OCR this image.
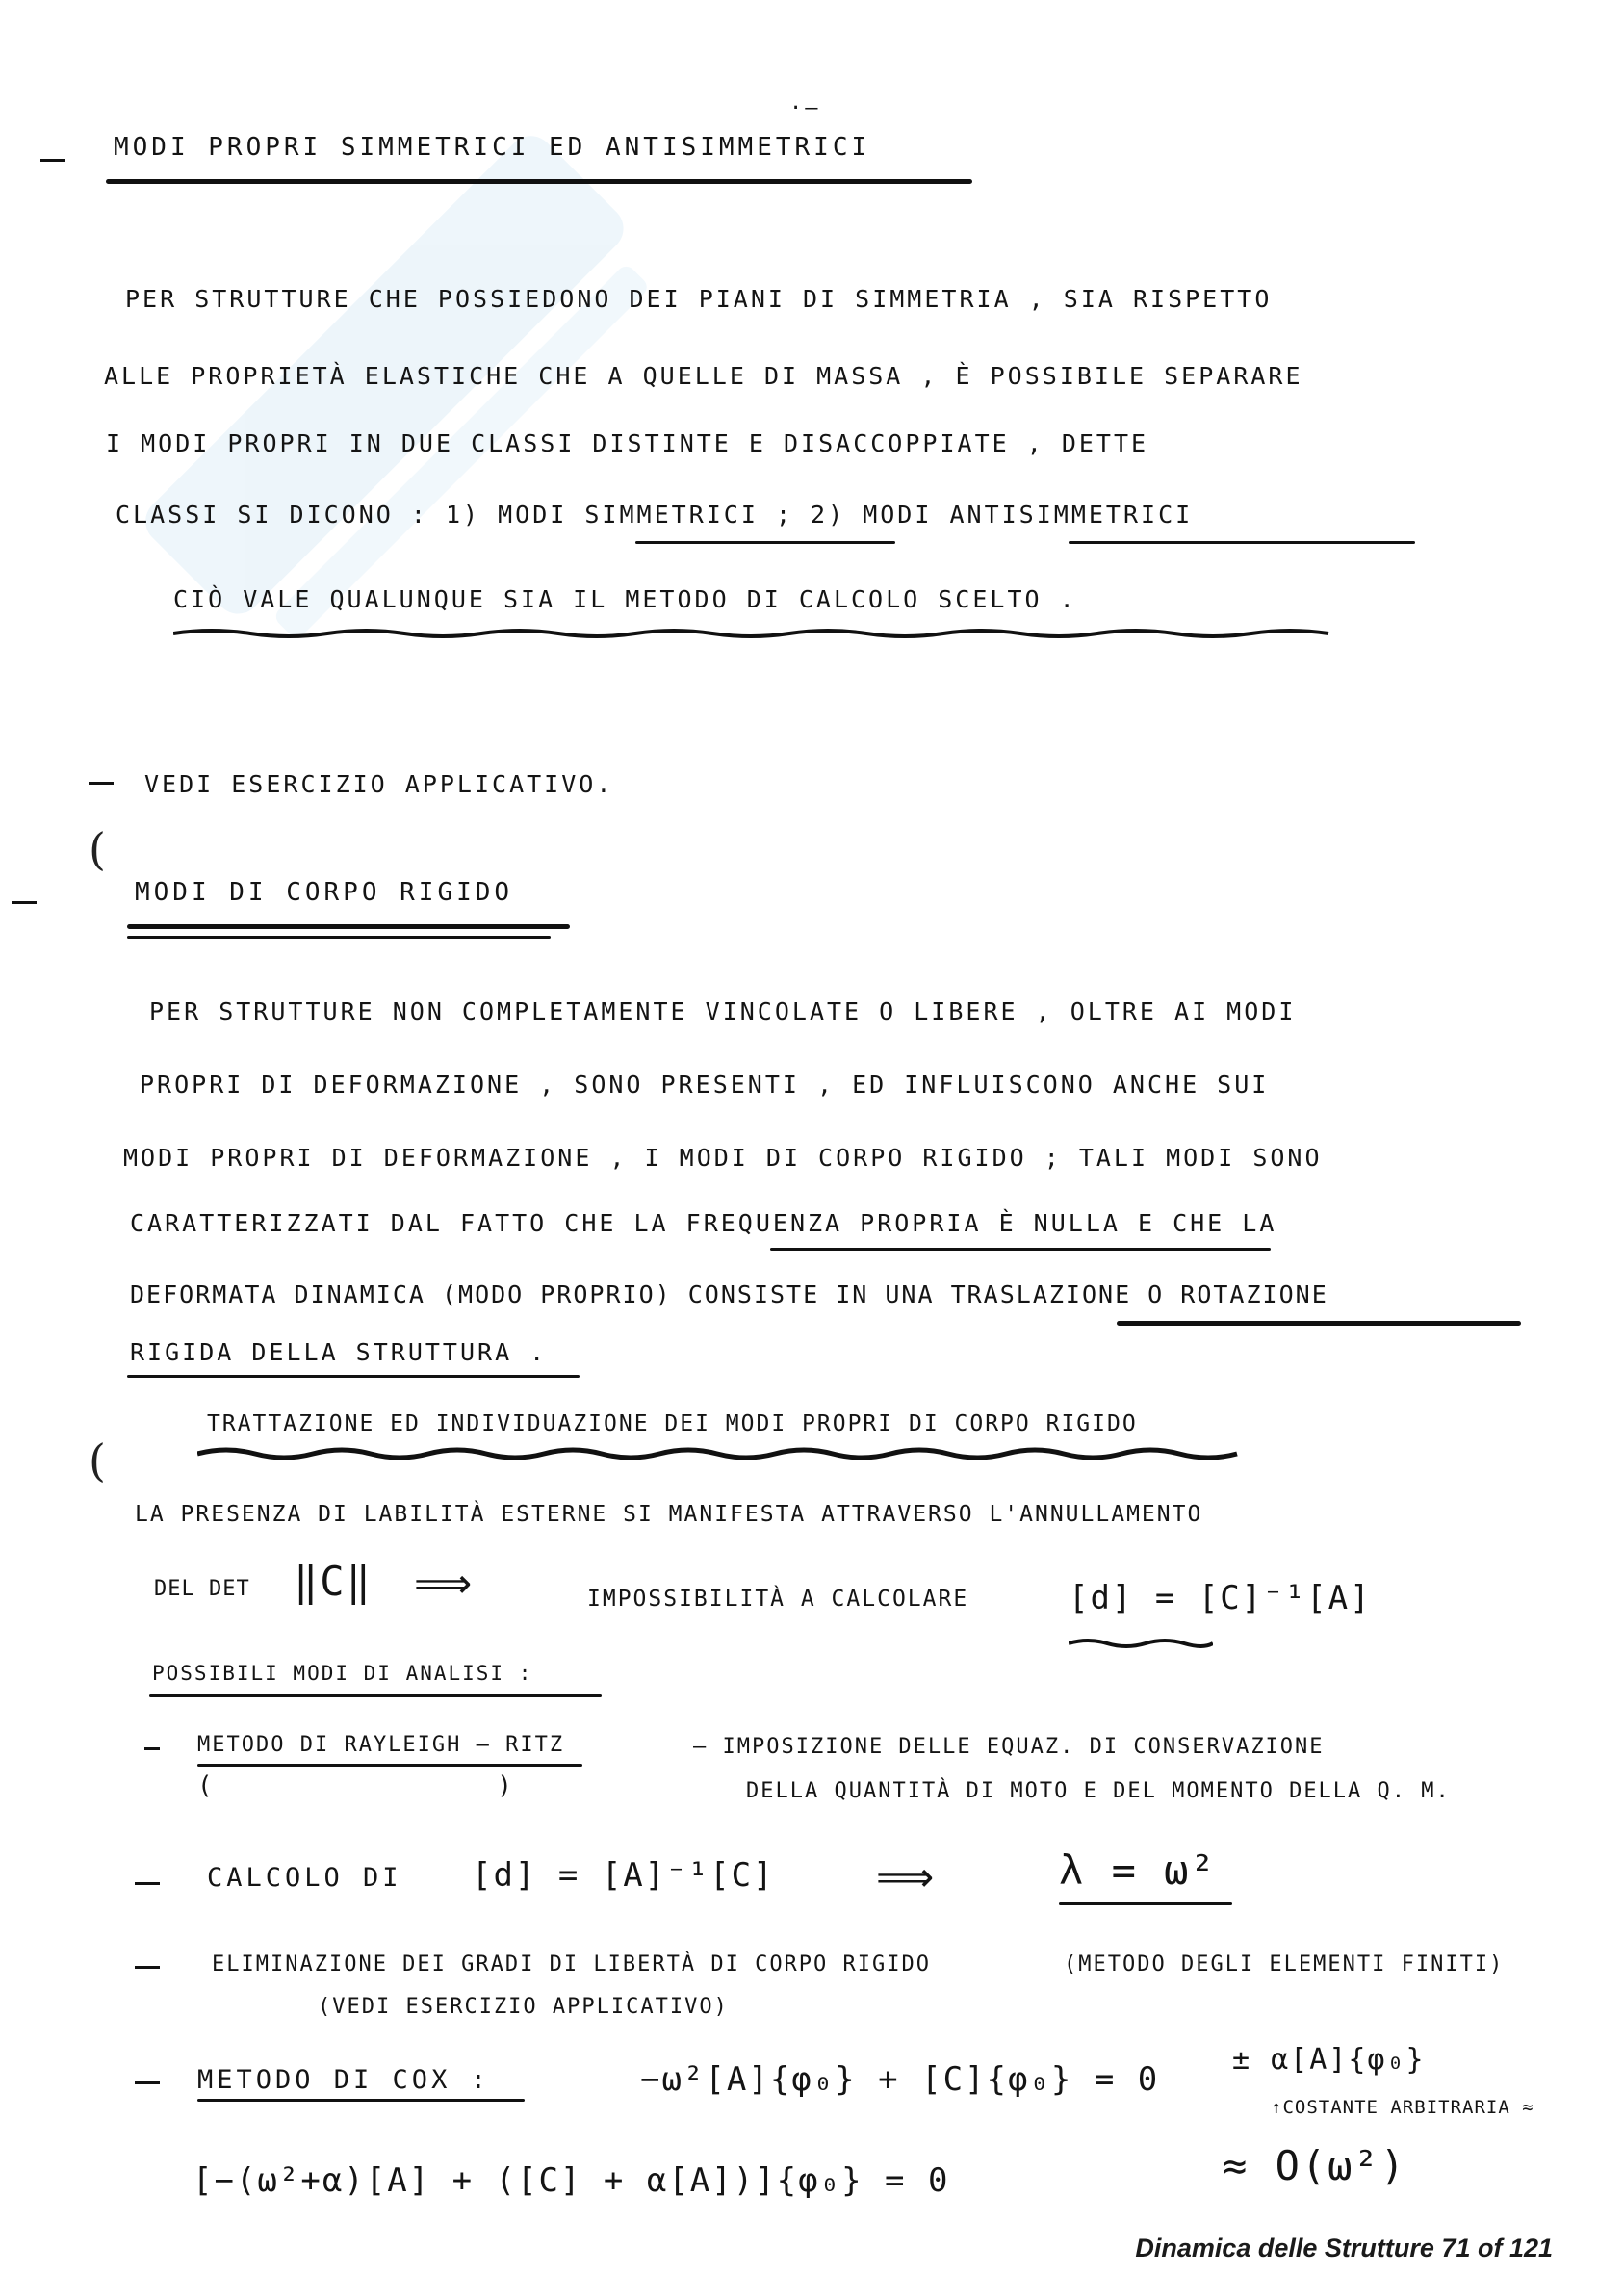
·–
MODI PROPRI SIMMETRICI ED ANTISIMMETRICI
PER STRUTTURE CHE POSSIEDONO DEI PIANI DI SIMMETRIA , SIA RISPETTO
ALLE PROPRIETÀ ELASTICHE CHE A QUELLE DI MASSA , È POSSIBILE SEPARARE
I MODI PROPRI IN DUE CLASSI DISTINTE E DISACCOPPIATE , DETTE
CLASSI SI DICONO : 1) MODI SIMMETRICI ; 2) MODI ANTISIMMETRICI
CIÒ VALE QUALUNQUE SIA IL METODO DI CALCOLO SCELTO .
VEDI ESERCIZIO APPLICATIVO.
(
MODI DI CORPO RIGIDO
PER STRUTTURE NON COMPLETAMENTE VINCOLATE O LIBERE , OLTRE AI MODI
PROPRI DI DEFORMAZIONE , SONO PRESENTI , ED INFLUISCONO ANCHE SUI
MODI PROPRI DI DEFORMAZIONE , I MODI DI CORPO RIGIDO ; TALI MODI SONO
CARATTERIZZATI DAL FATTO CHE LA FREQUENZA PROPRIA È NULLA E CHE LA
DEFORMATA DINAMICA (MODO PROPRIO) CONSISTE IN UNA TRASLAZIONE O ROTAZIONE
RIGIDA DELLA STRUTTURA .
TRATTAZIONE ED INDIVIDUAZIONE DEI MODI PROPRI DI CORPO RIGIDO
(
LA PRESENZA DI LABILITÀ ESTERNE SI MANIFESTA ATTRAVERSO L'ANNULLAMENTO
DEL DET ‖C‖ ⟹	IMPOSSIBILITÀ A CALCOLARE	[d] = [C]⁻¹[A]
POSSIBILI MODI DI ANALISI :
METODO DI RAYLEIGH – RITZ
( )
– IMPOSIZIONE DELLE EQUAZ. DI CONSERVAZIONE
DELLA QUANTITÀ DI MOTO E DEL MOMENTO DELLA Q. M.
CALCOLO DI [d] = [A]⁻¹[C]	⟹	λ = ω²
ELIMINAZIONE DEI GRADI DI LIBERTÀ DI CORPO RIGIDO	(METODO DEGLI ELEMENTI FINITI)
(VEDI ESERCIZIO APPLICATIVO)
METODO DI COX :	−ω²[A]{φ₀} + [C]{φ₀} = 0
± α[A]{φ₀}
↑COSTANTE ARBITRARIA ≈
≈ O(ω²)
[−(ω²+α)[A] + ([C] + α[A])]{φ₀} = 0
Dinamica delle Strutture 71 of 121
